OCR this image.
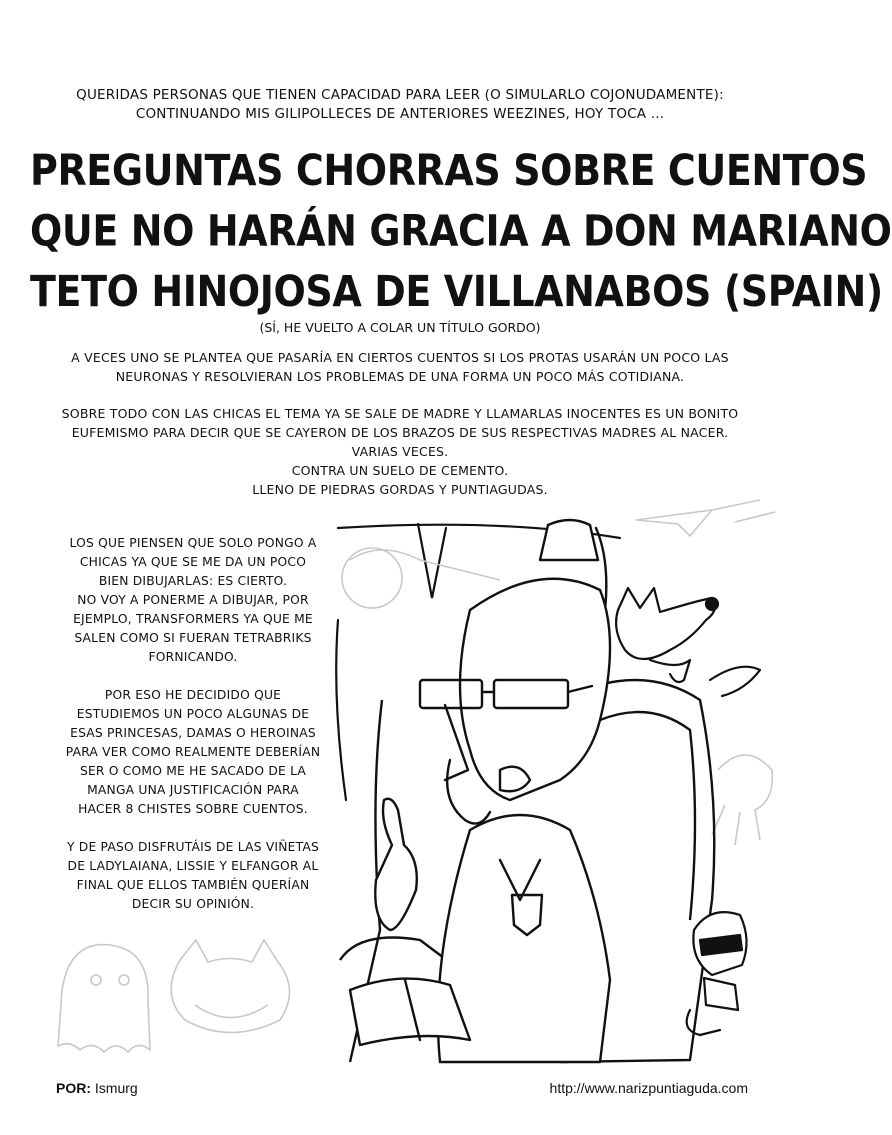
QUERIDAS PERSONAS QUE TIENEN CAPACIDAD PARA LEER (O SIMULARLO COJONUDAMENTE):
CONTINUANDO MIS GILIPOLLECES DE ANTERIORES WEEZINES, HOY TOCA ...
PREGUNTAS CHORRAS SOBRE CUENTOS
QUE NO HARÁN GRACIA A DON MARIANO
TETO HINOJOSA DE VILLANABOS (SPAIN)
(SÍ, HE VUELTO A COLAR UN TÍTULO GORDO)
A VECES UNO SE PLANTEA QUE PASARÍA EN CIERTOS CUENTOS SI LOS PROTAS USARÁN UN POCO LAS
NEURONAS Y RESOLVIERAN LOS PROBLEMAS DE UNA FORMA UN POCO MÁS COTIDIANA.
SOBRE TODO CON LAS CHICAS EL TEMA YA SE SALE DE MADRE Y LLAMARLAS INOCENTES ES UN BONITO
EUFEMISMO PARA DECIR QUE SE CAYERON DE LOS BRAZOS DE SUS RESPECTIVAS MADRES AL NACER.
VARIAS VECES.
CONTRA UN SUELO DE CEMENTO.
LLENO DE PIEDRAS GORDAS Y PUNTIAGUDAS.

LOS QUE PIENSEN QUE SOLO PONGO A
CHICAS YA QUE SE ME DA UN POCO
BIEN DIBUJARLAS: ES CIERTO.
NO VOY A PONERME A DIBUJAR, POR
EJEMPLO, TRANSFORMERS YA QUE ME
SALEN COMO SI FUERAN TETRABRIKS
FORNICANDO.

POR ESO HE DECIDIDO QUE
ESTUDIEMOS UN POCO ALGUNAS DE
ESAS PRINCESAS, DAMAS O HEROINAS
PARA VER COMO REALMENTE DEBERÍAN
SER O COMO ME HE SACADO DE LA
MANGA UNA JUSTIFICACIÓN PARA
HACER 8 CHISTES SOBRE CUENTOS.

Y DE PASO DISFRUTÁIS DE LAS VIÑETAS
DE LADYLAIANA, LISSIE Y ELFANGOR AL
FINAL QUE ELLOS TAMBIÉN QUERÍAN
DECIR SU OPINIÓN.

POR: Ismurg	http://www.narizpuntiaguda.com
